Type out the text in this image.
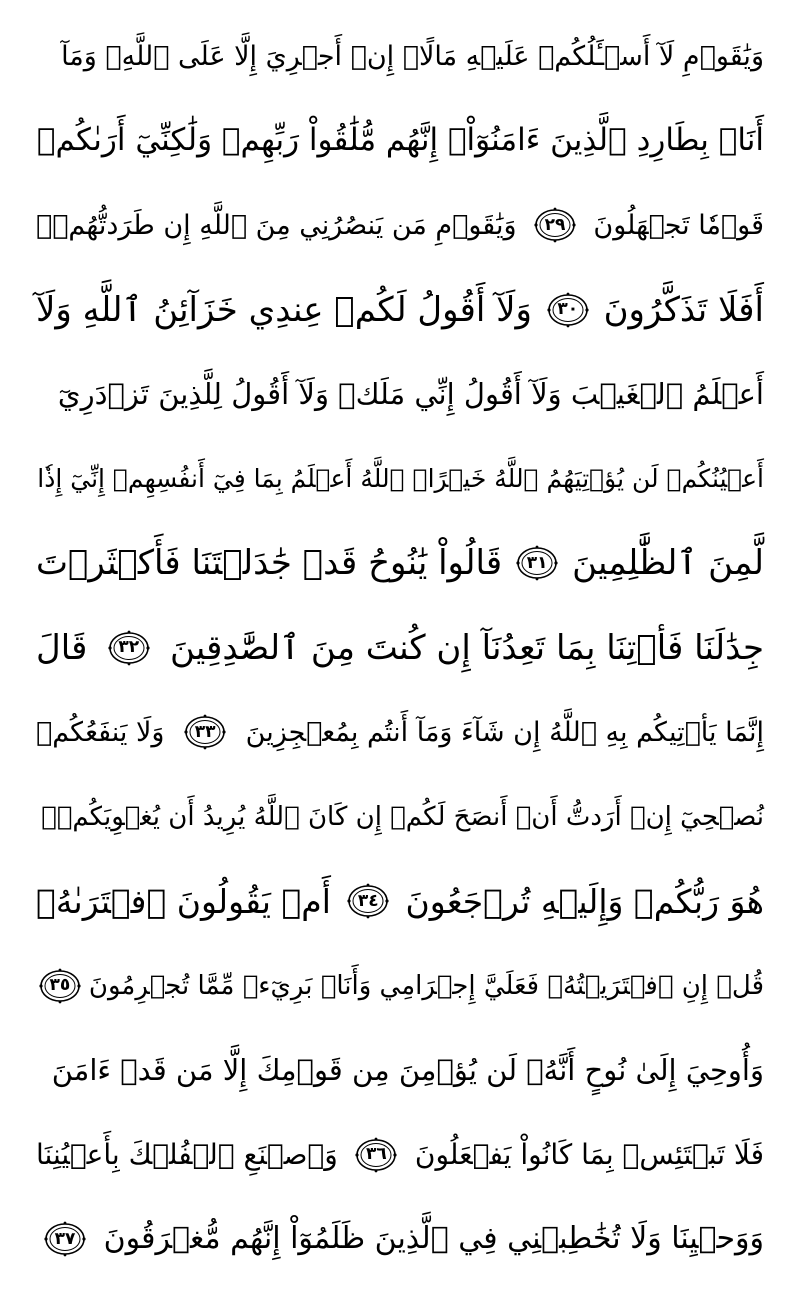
وَيَٰقَوۡمِ لَآ أَسۡـَٔلُكُمۡ عَلَيۡهِ مَالًاۖ إِنۡ أَجۡرِيَ إِلَّا عَلَى ٱللَّهِۚ وَمَآ
أَنَا۠ بِطَارِدِ ٱلَّذِينَ ءَامَنُوٓاْۚ إِنَّهُم مُّلَٰقُواْ رَبِّهِمۡ وَلَٰكِنِّيٓ أَرَىٰكُمۡ
قَوۡمٗا تَجۡهَلُونَ
٢٩
وَيَٰقَوۡمِ مَن يَنصُرُنِي مِنَ ٱللَّهِ إِن طَرَدتُّهُمۡۚ
أَفَلَا تَذَكَّرُونَ
٣٠
وَلَآ أَقُولُ لَكُمۡ عِندِي خَزَآئِنُ ٱللَّهِ وَلَآ
أَعۡلَمُ ٱلۡغَيۡبَ وَلَآ أَقُولُ إِنِّي مَلَكٞ وَلَآ أَقُولُ لِلَّذِينَ تَزۡدَرِيٓ
أَعۡيُنُكُمۡ لَن يُؤۡتِيَهُمُ ٱللَّهُ خَيۡرًاۖ ٱللَّهُ أَعۡلَمُ بِمَا فِيٓ أَنفُسِهِمۡ إِنِّيٓ إِذٗا
لَّمِنَ ٱلظَّٰلِمِينَ
٣١
قَالُواْ يَٰنُوحُ قَدۡ جَٰدَلۡتَنَا فَأَكۡثَرۡتَ
جِدَٰلَنَا فَأۡتِنَا بِمَا تَعِدُنَآ إِن كُنتَ مِنَ ٱلصَّٰدِقِينَ
٣٢
قَالَ
إِنَّمَا يَأۡتِيكُم بِهِ ٱللَّهُ إِن شَآءَ وَمَآ أَنتُم بِمُعۡجِزِينَ
٣٣
وَلَا يَنفَعُكُمۡ
نُصۡحِيٓ إِنۡ أَرَدتُّ أَنۡ أَنصَحَ لَكُمۡ إِن كَانَ ٱللَّهُ يُرِيدُ أَن يُغۡوِيَكُمۡۚ
هُوَ رَبُّكُمۡ وَإِلَيۡهِ تُرۡجَعُونَ
٣٤
أَمۡ يَقُولُونَ ٱفۡتَرَىٰهُۖ
قُلۡ إِنِ ٱفۡتَرَيۡتُهُۥ فَعَلَيَّ إِجۡرَامِي وَأَنَا۠ بَرِيٓءٞ مِّمَّا تُجۡرِمُونَ
٣٥
وَأُوحِيَ إِلَىٰ نُوحٍ أَنَّهُۥ لَن يُؤۡمِنَ مِن قَوۡمِكَ إِلَّا مَن قَدۡ ءَامَنَ
فَلَا تَبۡتَئِسۡ بِمَا كَانُواْ يَفۡعَلُونَ
٣٦
وَٱصۡنَعِ ٱلۡفُلۡكَ بِأَعۡيُنِنَا
وَوَحۡيِنَا وَلَا تُخَٰطِبۡنِي فِي ٱلَّذِينَ ظَلَمُوٓاْ إِنَّهُم مُّغۡرَقُونَ
٣٧
